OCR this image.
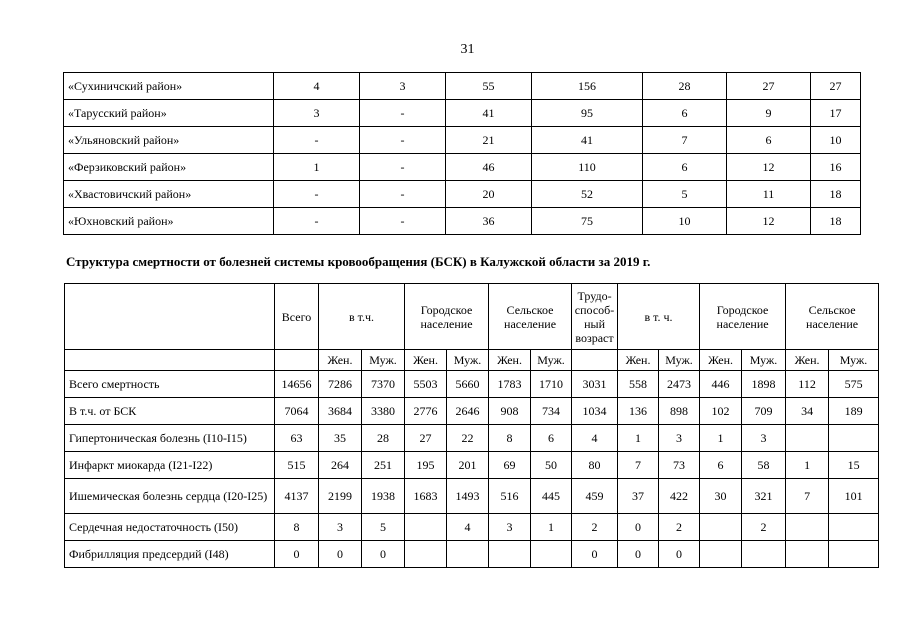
31
«Сухиничский район»	4	3	55	156	28	27	27
«Тарусский район»	3	-	41	95	6	9	17
«Ульяновский район»	-	-	21	41	7	6	10
«Ферзиковский район»	1	-	46	110	6	12	16
«Хвастовичский район»	-	-	20	52	5	11	18
«Юхновский район»	-	-	36	75	10	12	18
Структура смертности от болезней системы кровообращения (БСК) в Калужской области за 2019 г.
	Всего	в т.ч.		Городское население		Сельское население		Трудо-способ-ный возраст	в т. ч.		Городское население		Сельское население	
		Жен.	Муж.	Жен.	Муж.	Жен.	Муж.		Жен.	Муж.	Жен.	Муж.	Жен.	Муж.
Всего смертность	14656	7286	7370	5503	5660	1783	1710	3031	558	2473	446	1898	112	575
В т.ч. от БСК	7064	3684	3380	2776	2646	908	734	1034	136	898	102	709	34	189
Гипертоническая болезнь (I10-I15)	63	35	28	27	22	8	6	4	1	3	1	3		
Инфаркт миокарда (I21-I22)	515	264	251	195	201	69	50	80	7	73	6	58	1	15
Ишемическая болезнь сердца (I20-I25)	4137	2199	1938	1683	1493	516	445	459	37	422	30	321	7	101
Сердечная недостаточность (I50)	8	3	5		4	3	1	2	0	2		2		
Фибрилляция предсердий (I48)	0	0	0					0	0	0				
